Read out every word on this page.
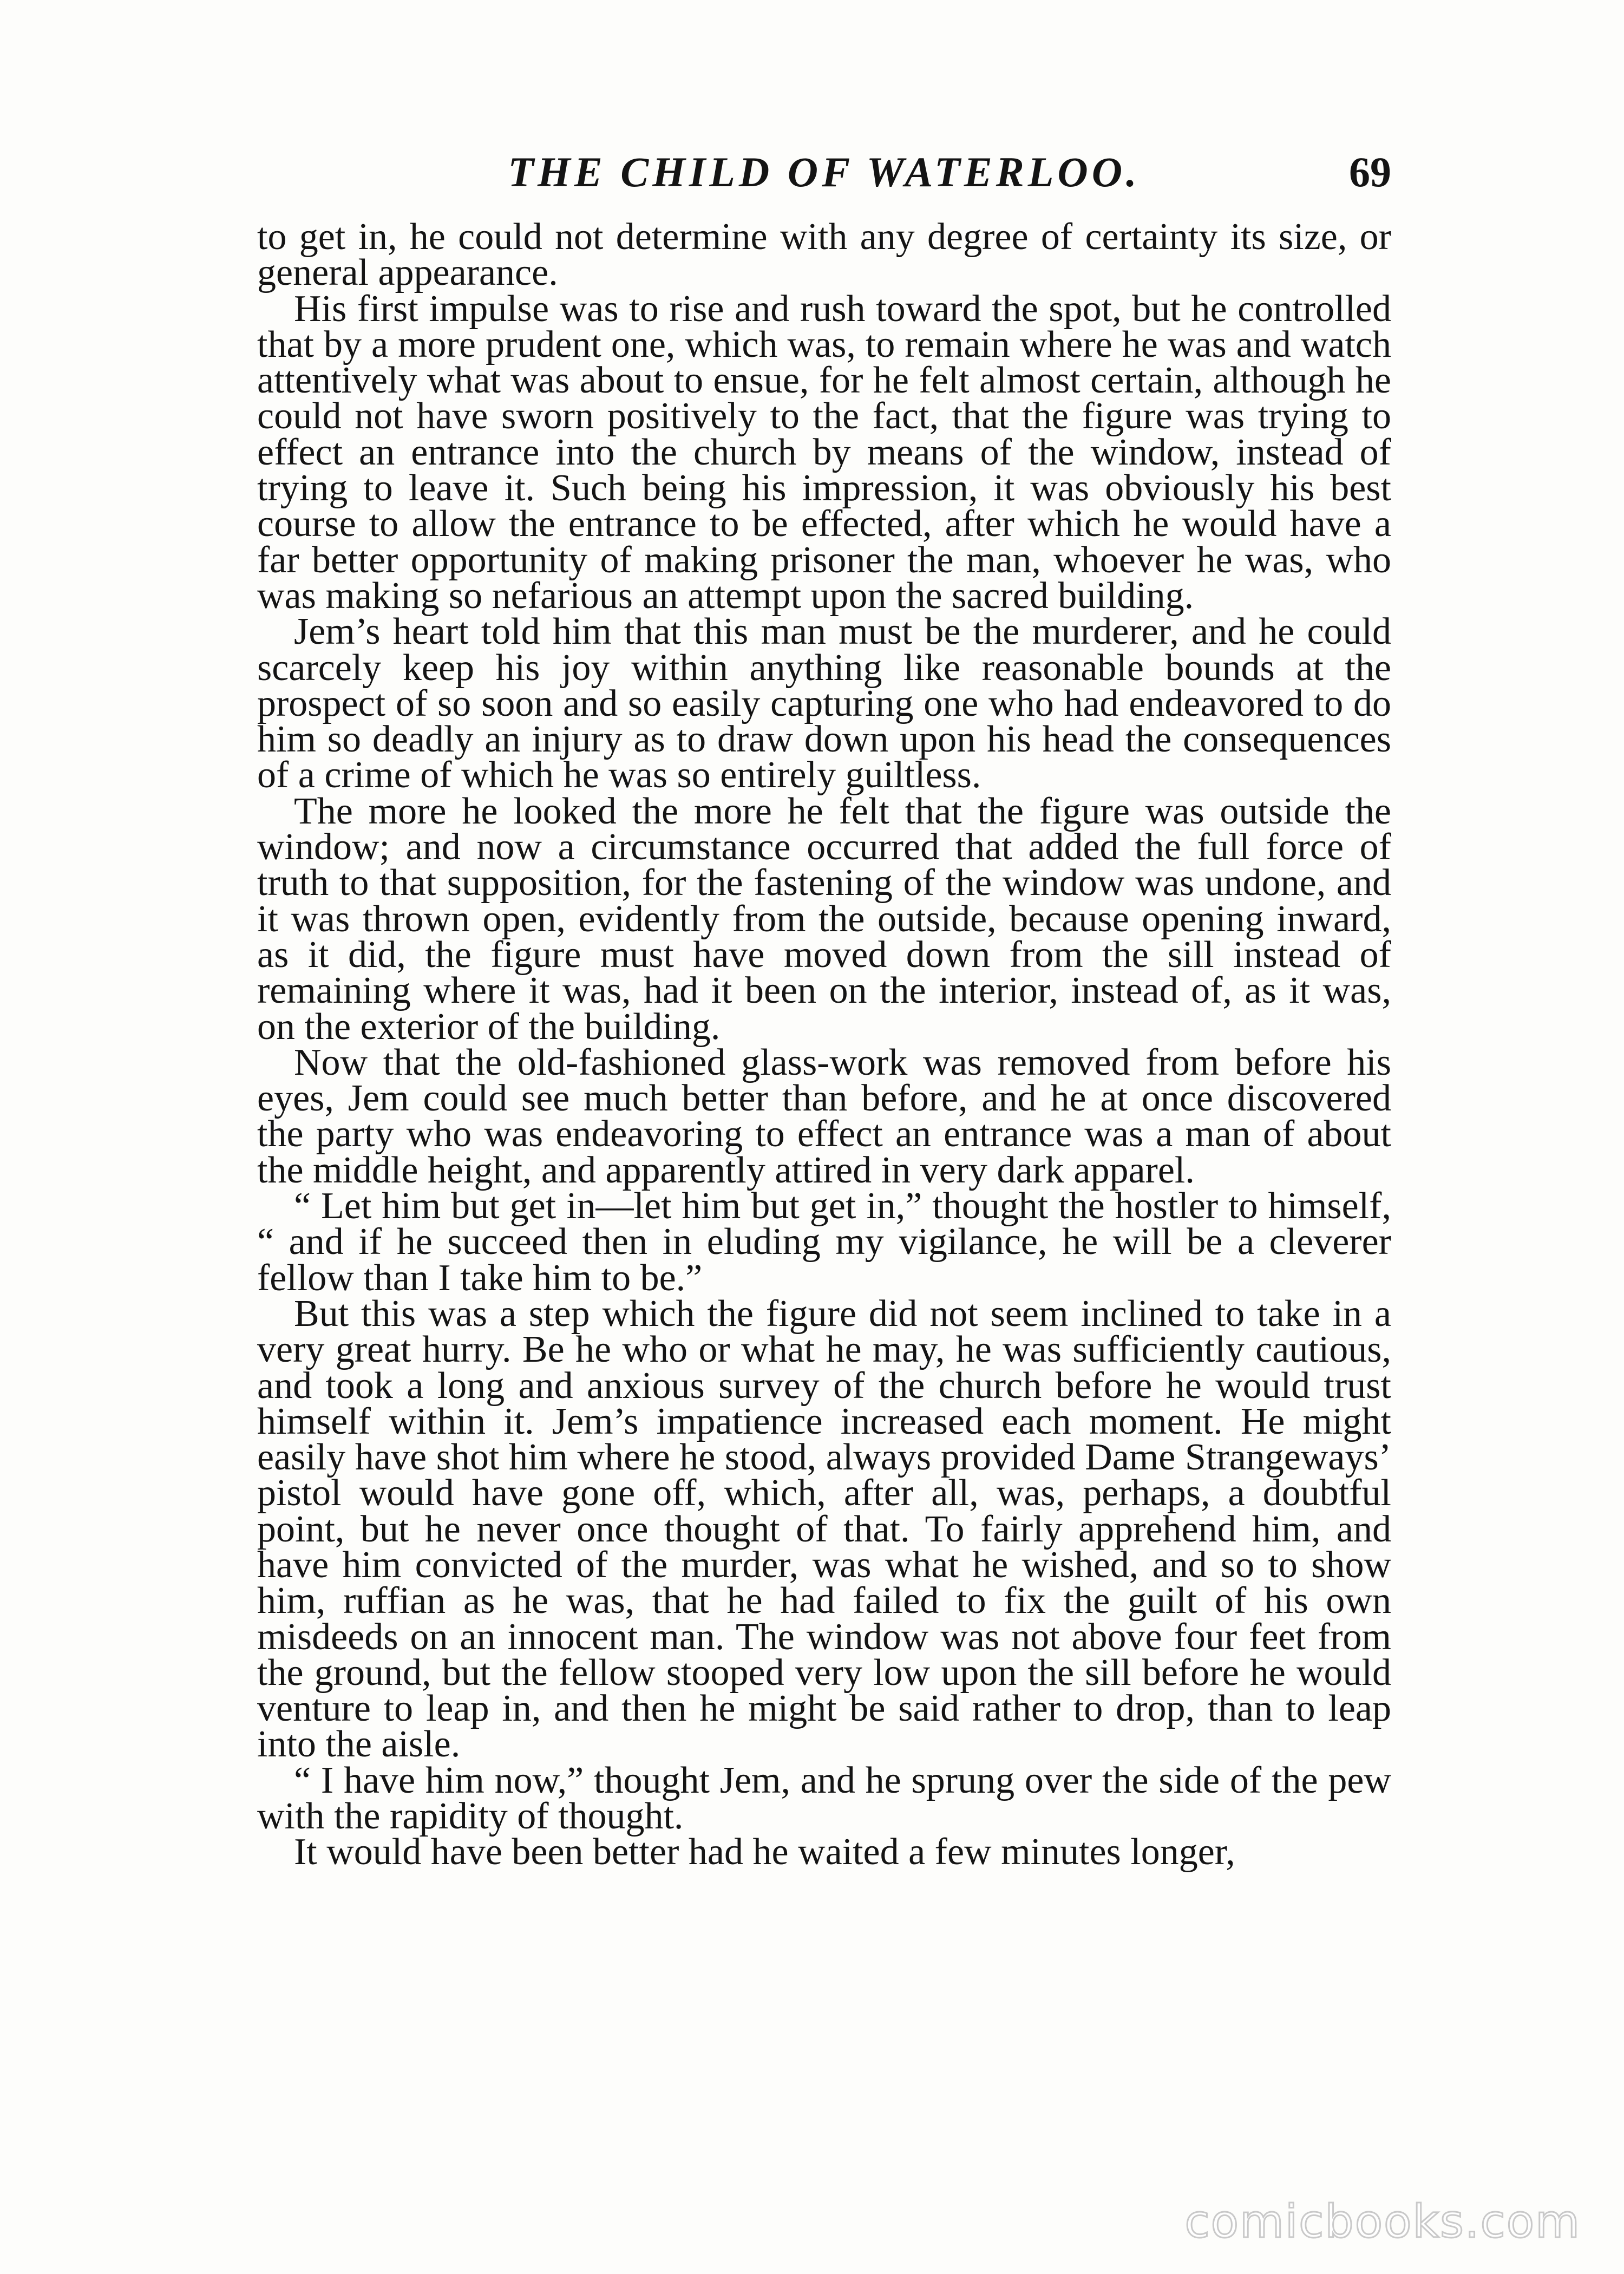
THE CHILD OF WATERLOO.	69

to get in, he could not determine with any degree of certainty its size, or general appearance.

His first impulse was to rise and rush toward the spot, but he controlled that by a more prudent one, which was, to remain where he was and watch attentively what was about to ensue, for he felt almost certain, although he could not have sworn positively to the fact, that the figure was trying to effect an entrance into the church by means of the window, instead of trying to leave it. Such being his impression, it was obviously his best course to allow the entrance to be effected, after which he would have a far better opportunity of making prisoner the man, whoever he was, who was making so nefarious an attempt upon the sacred building.

Jem’s heart told him that this man must be the murderer, and he could scarcely keep his joy within anything like reasonable bounds at the prospect of so soon and so easily capturing one who had endeavored to do him so deadly an injury as to draw down upon his head the consequences of a crime of which he was so entirely guiltless.

The more he looked the more he felt that the figure was outside the window; and now a circumstance occurred that added the full force of truth to that supposition, for the fastening of the window was undone, and it was thrown open, evidently from the outside, because opening inward, as it did, the figure must have moved down from the sill instead of remaining where it was, had it been on the interior, instead of, as it was, on the exterior of the building.

Now that the old-fashioned glass-work was removed from before his eyes, Jem could see much better than before, and he at once discovered the party who was endeavoring to effect an entrance was a man of about the middle height, and apparently attired in very dark apparel.

“ Let him but get in—let him but get in,” thought the hostler to himself, “ and if he succeed then in eluding my vigilance, he will be a cleverer fellow than I take him to be.”

But this was a step which the figure did not seem inclined to take in a very great hurry. Be he who or what he may, he was sufficiently cautious, and took a long and anxious survey of the church before he would trust himself within it. Jem’s impatience increased each moment. He might easily have shot him where he stood, always provided Dame Strangeways’ pistol would have gone off, which, after all, was, perhaps, a doubtful point, but he never once thought of that. To fairly apprehend him, and have him convicted of the murder, was what he wished, and so to show him, ruffian as he was, that he had failed to fix the guilt of his own misdeeds on an innocent man. The window was not above four feet from the ground, but the fellow stooped very low upon the sill before he would venture to leap in, and then he might be said rather to drop, than to leap into the aisle.

“ I have him now,” thought Jem, and he sprung over the side of the pew with the rapidity of thought.

It would have been better had he waited a few minutes longer,

comicbooks.com
